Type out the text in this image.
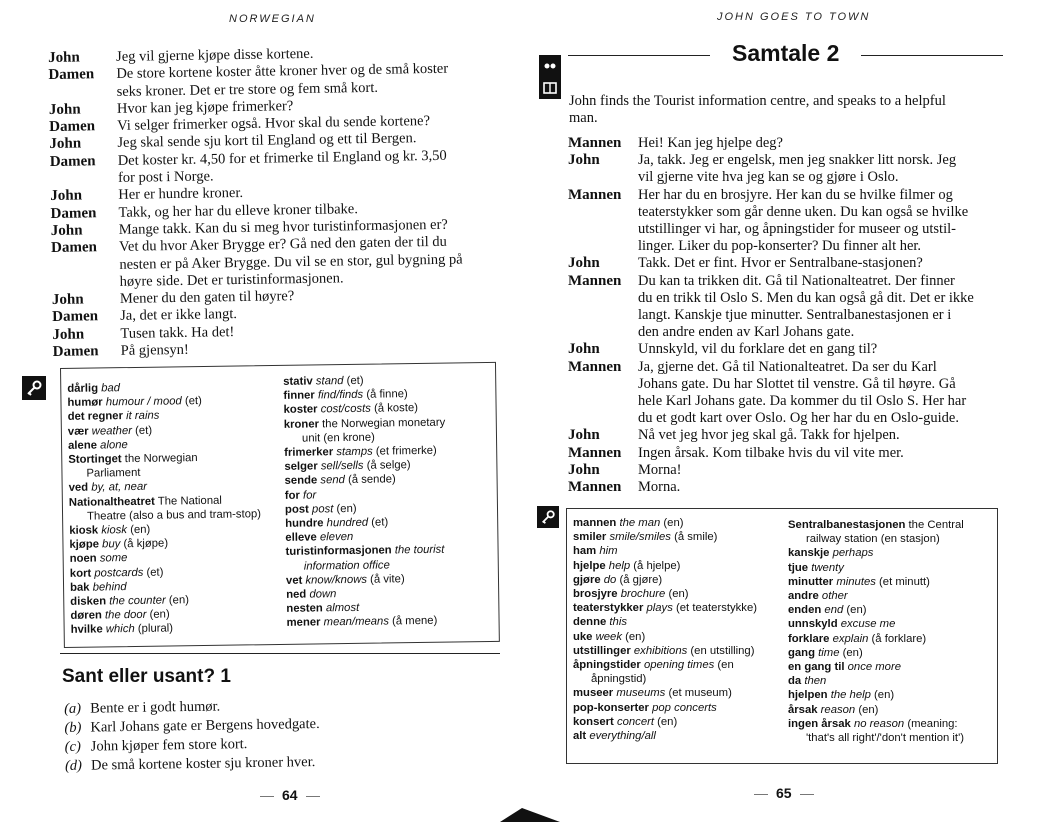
NORWEGIAN
John	Jeg vil gjerne kjøpe disse kortene.
Damen	De store kortene koster åtte kroner hver og de små koster
seks kroner. Det er tre store og fem små kort.
John	Hvor kan jeg kjøpe frimerker?
Damen	Vi selger frimerker også. Hvor skal du sende kortene?
John	Jeg skal sende sju kort til England og ett til Bergen.
Damen	Det koster kr. 4,50 for et frimerke til England og kr. 3,50
for post i Norge.
John	Her er hundre kroner.
Damen	Takk, og her har du elleve kroner tilbake.
John	Mange takk. Kan du si meg hvor turistinformasjonen er?
Damen	Vet du hvor Aker Brygge er? Gå ned den gaten der til du
nesten er på Aker Brygge. Du vil se en stor, gul bygning på
høyre side. Det er turistinformasjonen.
John	Mener du den gaten til høyre?
Damen	Ja, det er ikke langt.
John	Tusen takk. Ha det!
Damen	På gjensyn!
dårlig bad
humør humour / mood (et)
det regner it rains
vær weather (et)
alene alone
Stortinget the Norwegian
Parliament
ved by, at, near
Nationaltheatret The National
Theatre (also a bus and tram-stop)
kiosk kiosk (en)
kjøpe buy (å kjøpe)
noen some
kort postcards (et)
bak behind
disken the counter (en)
døren the door (en)
hvilke which (plural)
stativ stand (et)
finner find/finds (å finne)
koster cost/costs (å koste)
kroner the Norwegian monetary
unit (en krone)
frimerker stamps (et frimerke)
selger sell/sells (å selge)
sende send (å sende)
for for
post post (en)
hundre hundred (et)
elleve eleven
turistinformasjonen the tourist
information office
vet know/knows (å vite)
ned down
nesten almost
mener mean/means (å mene)
Sant eller usant? 1
(a) Bente er i godt humør.
(b) Karl Johans gate er Bergens hovedgate.
(c) John kjøper fem store kort.
(d) De små kortene koster sju kroner hver.
64
JOHN GOES TO TOWN
Samtale 2
John finds the Tourist information centre, and speaks to a helpful
man.
Mannen	Hei! Kan jeg hjelpe deg?
John	Ja, takk. Jeg er engelsk, men jeg snakker litt norsk. Jeg
vil gjerne vite hva jeg kan se og gjøre i Oslo.
Mannen	Her har du en brosjyre. Her kan du se hvilke filmer og
teaterstykker som går denne uken. Du kan også se hvilke
utstillinger vi har, og åpningstider for museer og utstil-
linger. Liker du pop-konserter? Du finner alt her.
John	Takk. Det er fint. Hvor er Sentralbane-stasjonen?
Mannen	Du kan ta trikken dit. Gå til Nationalteatret. Der finner
du en trikk til Oslo S. Men du kan også gå dit. Det er ikke
langt. Kanskje tjue minutter. Sentralbanestasjonen er i
den andre enden av Karl Johans gate.
John	Unnskyld, vil du forklare det en gang til?
Mannen	Ja, gjerne det. Gå til Nationalteatret. Da ser du Karl
Johans gate. Du har Slottet til venstre. Gå til høyre. Gå
hele Karl Johans gate. Da kommer du til Oslo S. Her har
du et godt kart over Oslo. Og her har du en Oslo-guide.
John	Nå vet jeg hvor jeg skal gå. Takk for hjelpen.
Mannen	Ingen årsak. Kom tilbake hvis du vil vite mer.
John	Morna!
Mannen	Morna.
mannen the man (en)
smiler smile/smiles (å smile)
ham him
hjelpe help (å hjelpe)
gjøre do (å gjøre)
brosjyre brochure (en)
teaterstykker plays (et teaterstykke)
denne this
uke week (en)
utstillinger exhibitions (en utstilling)
åpningstider opening times (en
åpningstid)
museer museums (et museum)
pop-konserter pop concerts
konsert concert (en)
alt everything/all
Sentralbanestasjonen the Central
railway station (en stasjon)
kanskje perhaps
tjue twenty
minutter minutes (et minutt)
andre other
enden end (en)
unnskyld excuse me
forklare explain (å forklare)
gang time (en)
en gang til once more
da then
hjelpen the help (en)
årsak reason (en)
ingen årsak no reason (meaning:
'that's all right'/'don't mention it')
65
